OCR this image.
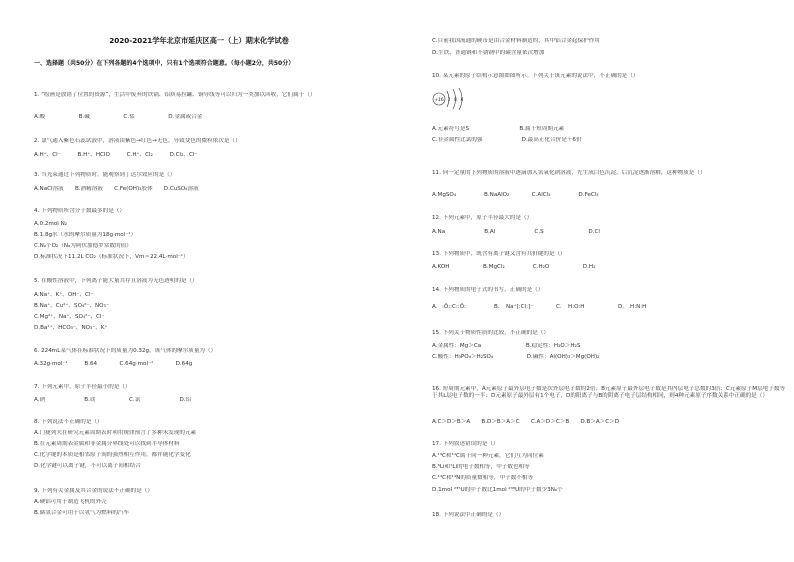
2020-2021学年北京市延庆区高一（上）期末化学试卷
一、选择题（共50分）在下列各题的4个选项中，只有1个选项符合题意。（每小题2分，共50分）
1. “绘画是放错了位置的资源”，生活中废弃的铁锅、铝质易拉罐、铜导线等可以归为一类加以回收，它们属于（）
A.酸　　　　　　B.碱　　　　　　C.盐　　　　　　D.金属或合金
2. 氯气通入紫色石蕊试液中，溶液由紫色→红色→无色，导致变色的微粒依次是（）
A.H⁺、Cl⁻　　　B.H⁺、HClO　　　C.H⁺、Cl₂　　　D.Cl₂、Cl⁻
3. 当光束通过下列物质时，能观察到丁达尔效应的是（）
A.NaCl溶液　　B.酒精溶液　　C.Fe(OH)₃胶体　　D.CuSO₄溶液
4. 下列物质所含分子数最多的是（）
A.0.2mol N₂
B.1.8g水（水的摩尔质量为18g·mol⁻¹）
C.Nₐ个O₂（Nₐ为阿伏加德罗常数的值）
D.标准状况下11.2L CO₂（标准状况下，Vm＝22.4L·mol⁻¹）
5. 在酸性溶液中，下列离子能大量共存且溶液为无色透明的是（）
A.Na⁺、K⁺、OH⁻、Cl⁻
B.Na⁺、Cu²⁺、SO₄²⁻、NO₃⁻
C.Mg²⁺、Na⁺、SO₄²⁻、Cl⁻
D.Ba²⁺、HCO₃⁻、NO₃⁻、K⁺
6. 224mL某气体在标准状况下的质量为0.32g，该气体的摩尔质量为（）
A.32g·mol⁻¹　　　B.64　　　　C.64g·mol⁻¹　　　　D.64g
7. 下列元素中，原子半径最小的是（）
A.钠　　　　　　　B.镁　　　　　　C.氯　　　　　　　D.铝
8. 下列说法不正确的是（）
A.门捷列夫在研究元素周期表时利用规律预言了多种未发现的元素
B.在元素周期表金属和非金属分界线处可以找到半导体材料
C.化学键的本质是相邻原子间的强烈相互作用，都伴随化学变化
D.化学键可以离子键，不可以离子间相结合
9. 下列有关金属及其合金的说法不正确的是（）
A.硬铝可用于制造飞机的外壳
B.储氢合金可用于以氢气为燃料的汽车
C.目前我国流通的硬币是由合金材料制造的，其中铝合金起保护作用
D.生铁、普通钢和不锈钢中的碳含量依次增加
10. 某元素的原子结构示意图如图所示。下列关于该元素的说法中，不正确的是（）
+16 2 8 6
A.元素符号是S　　　　　　　　　B.属于短周期元素
C.非金属性比氯的强　　　　　　　D.最高正化合价是＋6价
11. 向一定量的下列物质的溶液中逐滴加入氢氧化钠溶液，先生成白色沉淀，后沉淀逐渐溶解，这种物质是（）
A.MgSO₄　　　　　B.NaAlO₂　　　　C.AlCl₃　　　　　D.FeCl₃
12. 下列元素中，原子半径最大的是（）
A.Na　　　　　　　B.Al　　　　　　　C.S　　　　　　　　D.Cl
13. 下列物质中，既含有离子键又含有共价键的是（）
A.KOH　　　　　　B.MgCl₂　　　　　C.H₂O　　　　　　D.H₂
14. 下列物质的电子式的书写，正确的是（）
A. :Ö::C::Ö:	B. Na⁺[:Cl:]⁻	C. H:O:H	D. H:N:H
15. 下列关于物质性质的比较，不正确的是（）
A.金属性：Mg＞Ca　　　　　　　　B.稳定性：H₂O＞H₂S
C.酸性：H₃PO₄＞H₂SO₄　　　　　　D.碱性：Al(OH)₃＞Mg(OH)₂
16. 短周期元素中，A元素原子最外层电子数是次外层电子数的2倍；B元素原子最外层电子数是其内层电子总数的3倍；C元素原子M层电子数等于其L层电子数的一半；D元素原子最外层有1个电子，D的阳离子与B的阴离子电子层结构相同，则4种元素原子序数关系中正确的是（）
A.C＞D＞B＞A　　B.D＞B＞A＞C　　C.A＞D＞C＞B　　D.B＞A＞C＞D
17. 下列叙述错误的是（）
A.¹³C和¹⁴C属于同一种元素，它们互为同位素
B.⁶Li和⁷Li的电子数相等，中子数也相等
C.¹⁴C和¹⁴N的质量数相等，中子数不相等
D.1mol ²³⁵U的中子数比1mol ²³⁸U的中子数少3Nₐ个
18. 下列说法中正确的是（）
